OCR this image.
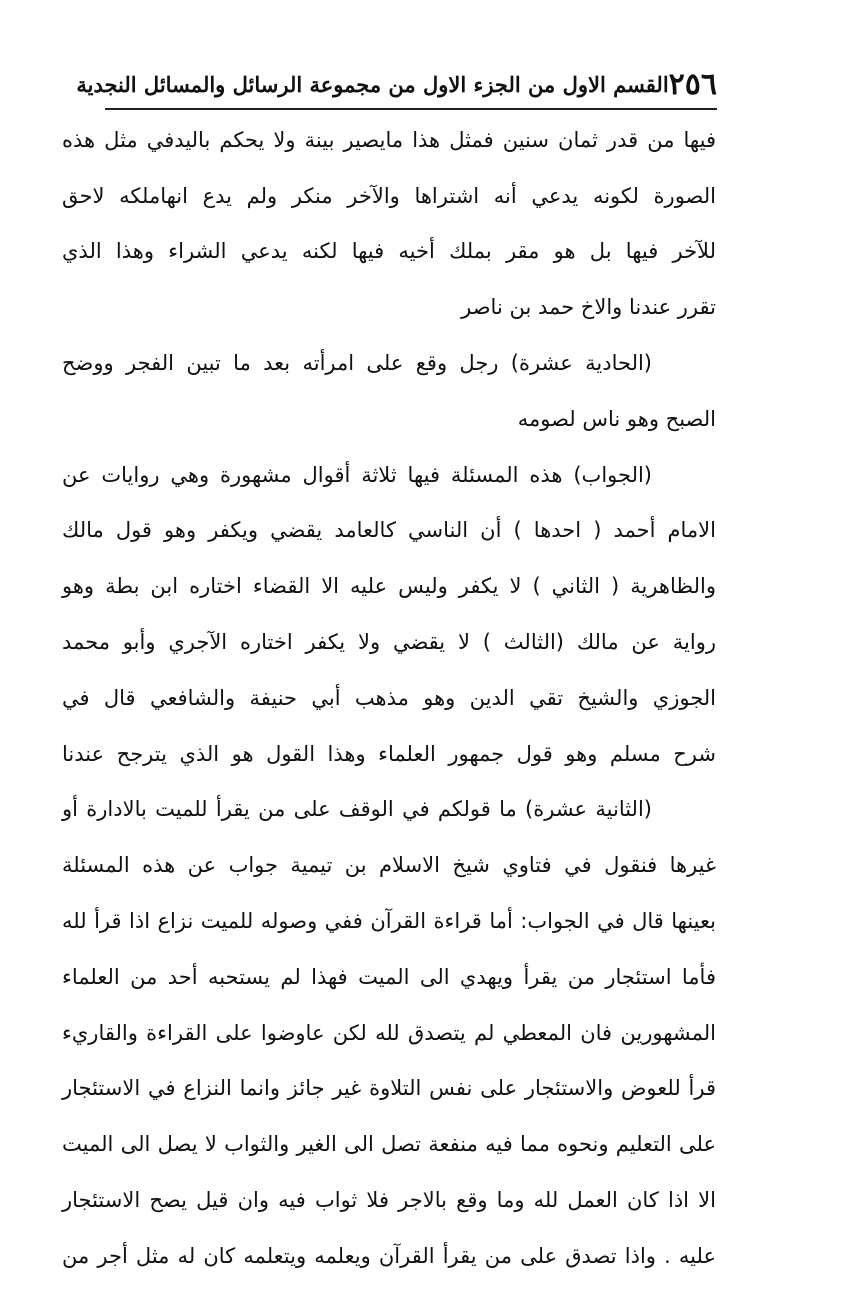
٢٥٦
القسم الاول من الجزء الاول من مجموعة الرسائل والمسائل النجدية
فيها من قدر ثمان سنين فمثل هذا مايصير بينة ولا يحكم باليدفي مثل هذه
الصورة لكونه يدعي أنه اشتراها والآخر منكر ولم يدع انهاملكه لاحق
للآخر فيها بل هو مقر بملك أخيه فيها لكنه يدعي الشراء وهذا الذي
تقرر عندنا والاخ حمد بن ناصر
(الحادية عشرة) رجل وقع على امرأته بعد ما تبين الفجر ووضح
الصبح وهو ناس لصومه
(الجواب) هذه المسئلة فيها ثلاثة أقوال مشهورة وهي روايات عن
الامام أحمد ( احدها ) أن الناسي كالعامد يقضي ويكفر وهو قول مالك
والظاهرية ( الثاني ) لا يكفر وليس عليه الا القضاء اختاره ابن بطة وهو
رواية عن مالك (الثالث ) لا يقضي ولا يكفر اختاره الآجري وأبو محمد
الجوزي والشيخ تقي الدين وهو مذهب أبي حنيفة والشافعي قال في
شرح مسلم وهو قول جمهور العلماء وهذا القول هو الذي يترجح عندنا
(الثانية عشرة) ما قولكم في الوقف على من يقرأ للميت بالادارة أو
غيرها فنقول في فتاوي شيخ الاسلام بن تيمية جواب عن هذه المسئلة
بعينها قال في الجواب: أما قراءة القرآن ففي وصوله للميت نزاع اذا قرأ لله
فأما استئجار من يقرأ ويهدي الى الميت فهذا لم يستحبه أحد من العلماء
المشهورين فان المعطي لم يتصدق لله لكن عاوضوا على القراءة والقاريء
قرأ للعوض والاستئجار على نفس التلاوة غير جائز وانما النزاع في الاستئجار
على التعليم ونحوه مما فيه منفعة تصل الى الغير والثواب لا يصل الى الميت
الا اذا كان العمل لله وما وقع بالاجر فلا ثواب فيه وان قيل يصح الاستئجار
عليه . واذا تصدق على من يقرأ القرآن ويعلمه ويتعلمه كان له مثل أجر من
